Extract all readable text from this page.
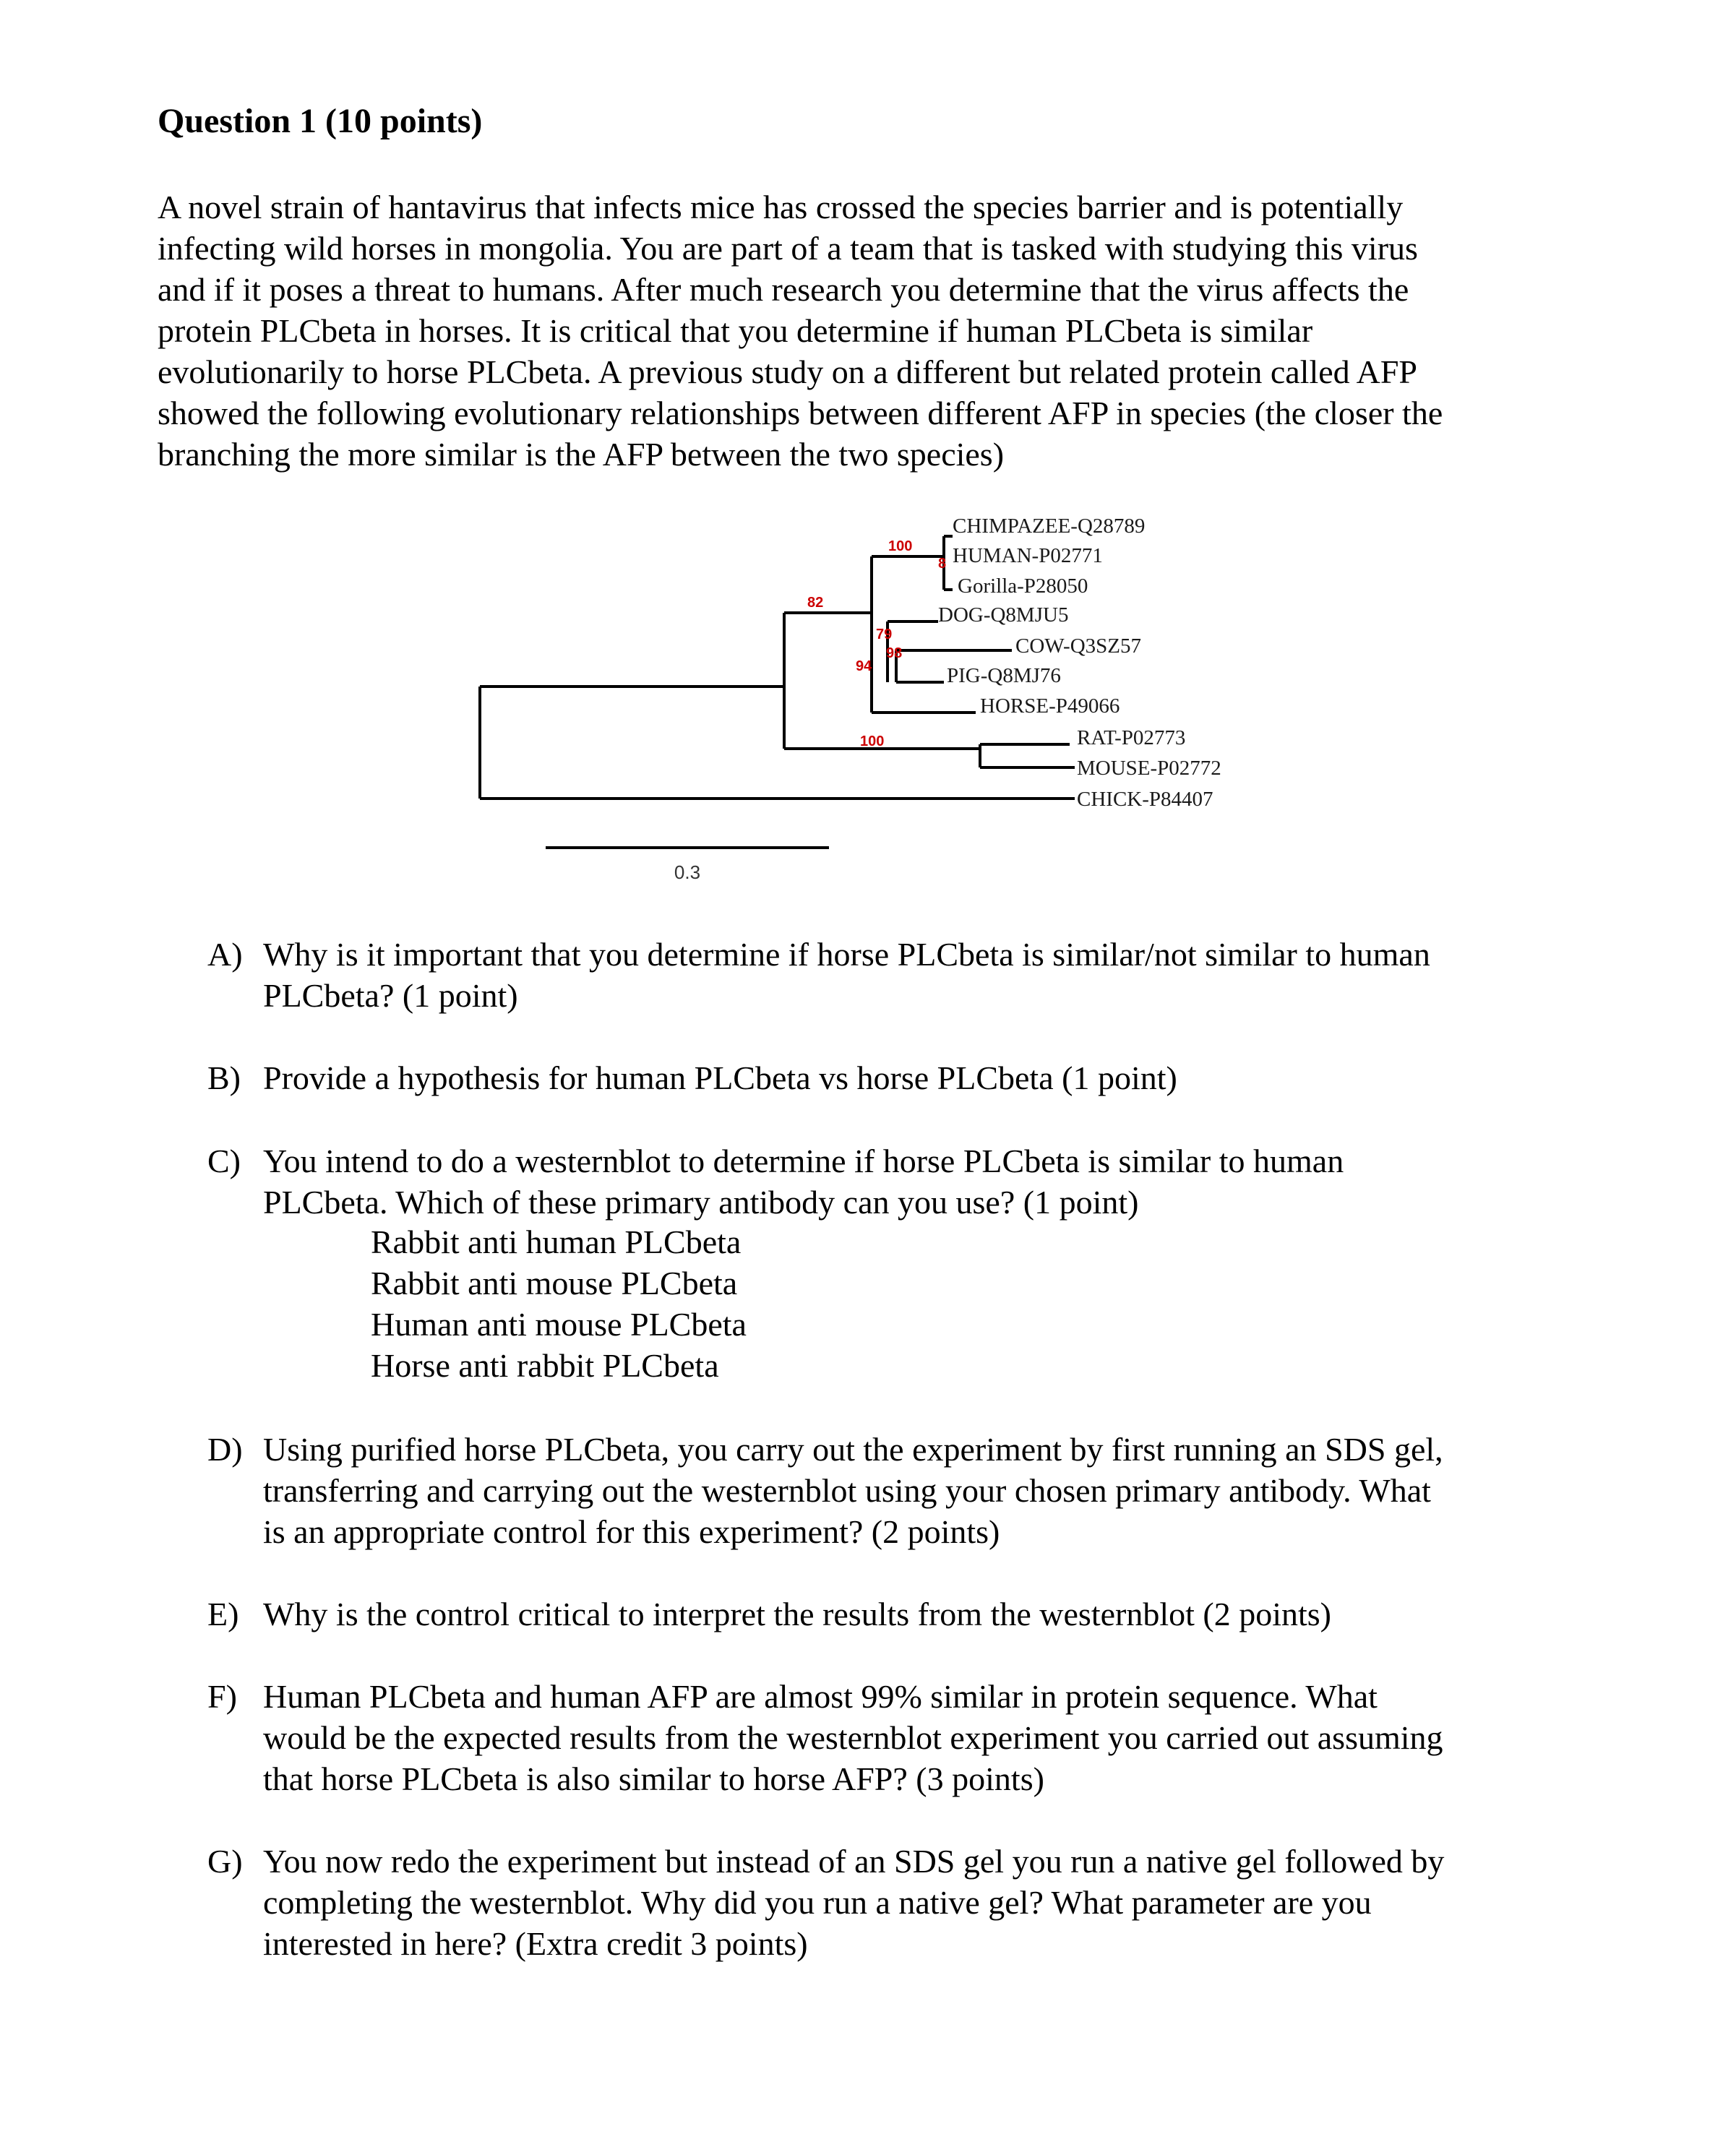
Question 1 (10 points)
A novel strain of hantavirus that infects mice has crossed the species barrier and is potentially
infecting wild horses in mongolia. You are part of a team that is tasked with studying this virus
and if it poses a threat to humans. After much research you determine that the virus affects the
protein PLCbeta in horses. It is critical that you determine if human PLCbeta is similar
evolutionarily to horse PLCbeta. A previous study on a different but related protein called AFP
showed the following evolutionary relationships between different AFP in species (the closer the
branching the more similar is the AFP between the two species)
CHIMPAZEE-Q28789
HUMAN-P02771
Gorilla-P28050
DOG-Q8MJU5
COW-Q3SZ57
PIG-Q8MJ76
HORSE-P49066
RAT-P02773
MOUSE-P02772
CHICK-P84407
100
82
79
98
94
100
8
0.3
A) Why is it important that you determine if horse PLCbeta is similar/not similar to human
PLCbeta? (1 point)
B) Provide a hypothesis for human PLCbeta vs horse PLCbeta (1 point)
C) You intend to do a westernblot to determine if horse PLCbeta is similar to human
PLCbeta. Which of these primary antibody can you use? (1 point)
Rabbit anti human PLCbeta
Rabbit anti mouse PLCbeta
Human anti mouse PLCbeta
Horse anti rabbit PLCbeta
D) Using purified horse PLCbeta, you carry out the experiment by first running an SDS gel,
transferring and carrying out the westernblot using your chosen primary antibody. What
is an appropriate control for this experiment? (2 points)
E) Why is the control critical to interpret the results from the westernblot (2 points)
F) Human PLCbeta and human AFP are almost 99% similar in protein sequence. What
would be the expected results from the westernblot experiment you carried out assuming
that horse PLCbeta is also similar to horse AFP? (3 points)
G) You now redo the experiment but instead of an SDS gel you run a native gel followed by
completing the westernblot. Why did you run a native gel? What parameter are you
interested in here? (Extra credit 3 points)
